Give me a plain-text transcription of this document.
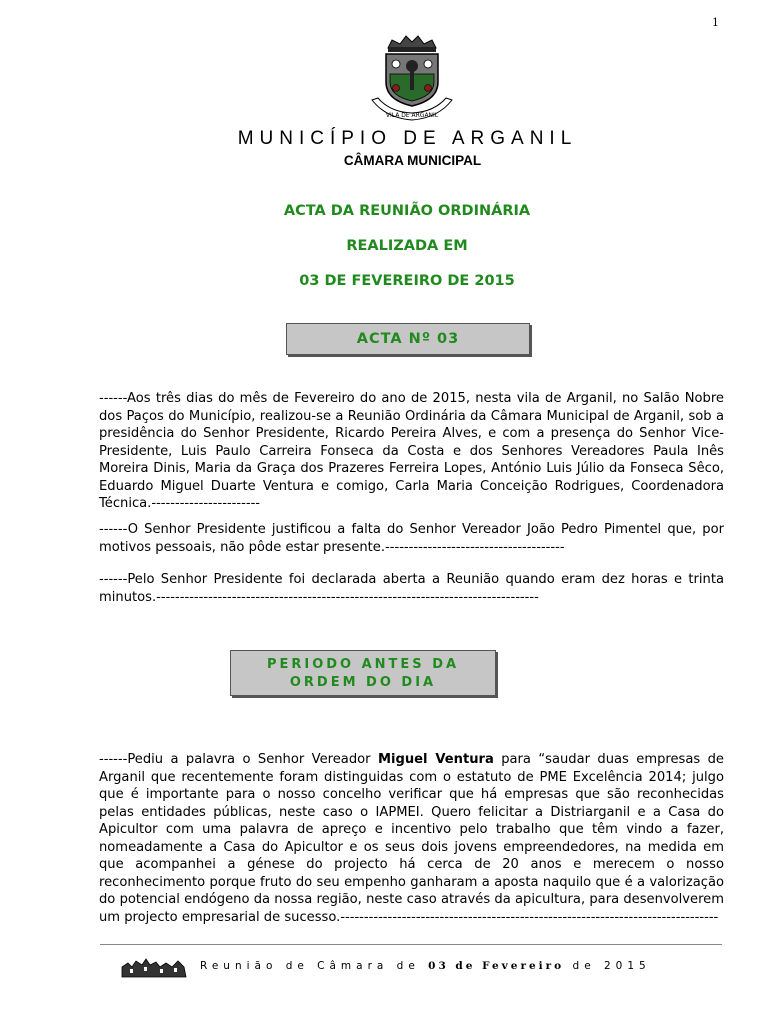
1
VILA DE ARGANIL
MUNICÍPIO DE ARGANIL
CÂMARA MUNICIPAL
ACTA DA REUNIÃO ORDINÁRIA
REALIZADA EM
03 DE FEVEREIRO DE 2015
ACTA Nº 03
------Aos três dias do mês de Fevereiro do ano de 2015, nesta vila de Arganil, no Salão Nobre dos Paços do Município, realizou-se a Reunião Ordinária da Câmara Municipal de Arganil, sob a presidência do Senhor Presidente, Ricardo Pereira Alves, e com a presença do Senhor Vice-Presidente, Luis Paulo Carreira Fonseca da Costa e dos Senhores Vereadores Paula Inês Moreira Dinis, Maria da Graça dos Prazeres Ferreira Lopes, António Luis Júlio da Fonseca Sêco, Eduardo Miguel Duarte Ventura e comigo, Carla Maria Conceição Rodrigues, Coordenadora Técnica.-----------------------
------O Senhor Presidente justificou a falta do Senhor Vereador João Pedro Pimentel que, por motivos pessoais, não pôde estar presente.--------------------------------------
------Pelo Senhor Presidente foi declarada aberta a Reunião quando eram dez horas e trinta minutos.---------------------------------------------------------------------------------
PERIODO ANTES DA
ORDEM DO DIA
------Pediu a palavra o Senhor Vereador Miguel Ventura para “saudar duas empresas de Arganil que recentemente foram distinguidas com o estatuto de PME Excelência 2014; julgo que é importante para o nosso concelho verificar que há empresas que são reconhecidas pelas entidades públicas, neste caso o IAPMEI. Quero felicitar a Distriarganil e a Casa do Apicultor com uma palavra de apreço e incentivo pelo trabalho que têm vindo a fazer, nomeadamente a Casa do Apicultor e os seus dois jovens empreendedores, na medida em que acompanhei a génese do projecto há cerca de 20 anos e merecem o nosso reconhecimento porque fruto do seu empenho ganharam a aposta naquilo que é a valorização do potencial endógeno da nossa região, neste caso através da apicultura, para desenvolverem um projecto empresarial de sucesso.--------------------------------------------------------------------------------
Reunião de Câmara de 03 de Fevereiro de 2015
